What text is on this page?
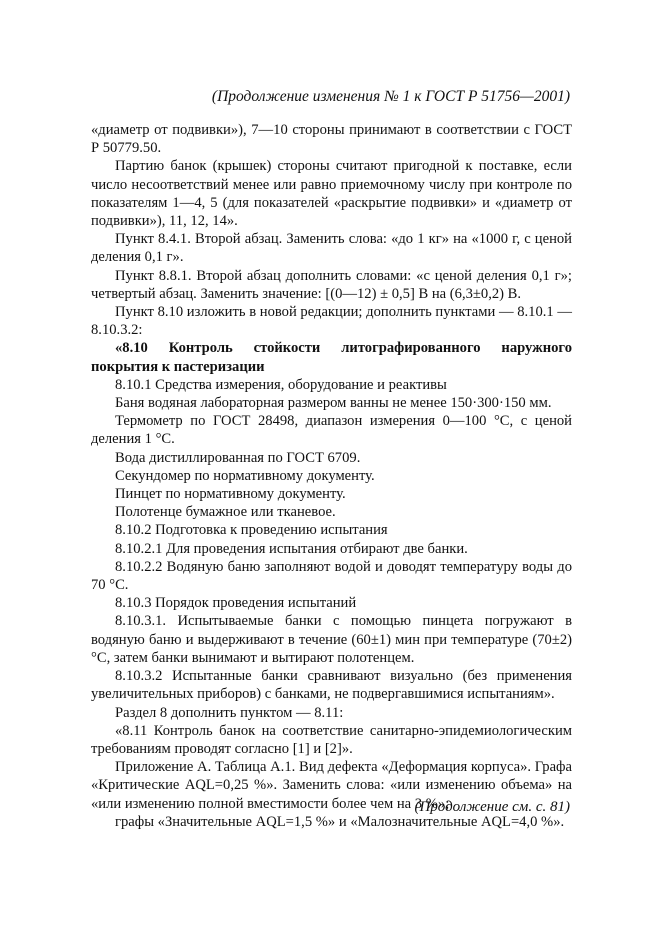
(Продолжение изменения № 1 к ГОСТ Р 51756—2001)

«диаметр от подвивки»), 7—10 стороны принимают в соответствии с ГОСТ Р 50779.50.

Партию банок (крышек) стороны считают пригодной к поставке, если число несоответствий менее или равно приемочному числу при контроле по показателям 1—4, 5 (для показателей «раскрытие подвивки» и «диаметр от подвивки»), 11, 12, 14».

Пункт 8.4.1. Второй абзац. Заменить слова: «до 1 кг» на «1000 г, с ценой деления 0,1 г».

Пункт 8.8.1. Второй абзац дополнить словами: «с ценой деления 0,1 г»; четвертый абзац. Заменить значение: [(0—12) ± 0,5] В на (6,3±0,2) В.

Пункт 8.10 изложить в новой редакции; дополнить пунктами — 8.10.1 —8.10.3.2:

«8.10 Контроль стойкости литографированного наружного покрытия к пастеризации

8.10.1 Средства измерения, оборудование и реактивы

Баня водяная лабораторная размером ванны не менее 150·300·150 мм.

Термометр по ГОСТ 28498, диапазон измерения 0—100 °С, с ценой деления 1 °С.

Вода дистиллированная по ГОСТ 6709.

Секундомер по нормативному документу.

Пинцет по нормативному документу.

Полотенце бумажное или тканевое.

8.10.2 Подготовка к проведению испытания

8.10.2.1 Для проведения испытания отбирают две банки.

8.10.2.2 Водяную баню заполняют водой и доводят температуру воды до 70 °С.

8.10.3 Порядок проведения испытаний

8.10.3.1. Испытываемые банки с помощью пинцета погружают в водяную баню и выдерживают в течение (60±1) мин при температуре (70±2) °С, затем банки вынимают и вытирают полотенцем.

8.10.3.2 Испытанные банки сравнивают визуально (без применения увеличительных приборов) с банками, не подвергавшимися испытаниям».

Раздел 8 дополнить пунктом — 8.11:

«8.11 Контроль банок на соответствие санитарно-эпидемиологическим требованиям проводят согласно [1] и [2]».

Приложение А. Таблица А.1. Вид дефекта «Деформация корпуса». Графа «Критические AQL=0,25 %». Заменить слова: «или изменению объема» на «или изменению полной вместимости более чем на 3 %»;

графы «Значительные AQL=1,5 %» и «Малозначительные AQL=4,0 %».

(Продолжение см. с. 81)
